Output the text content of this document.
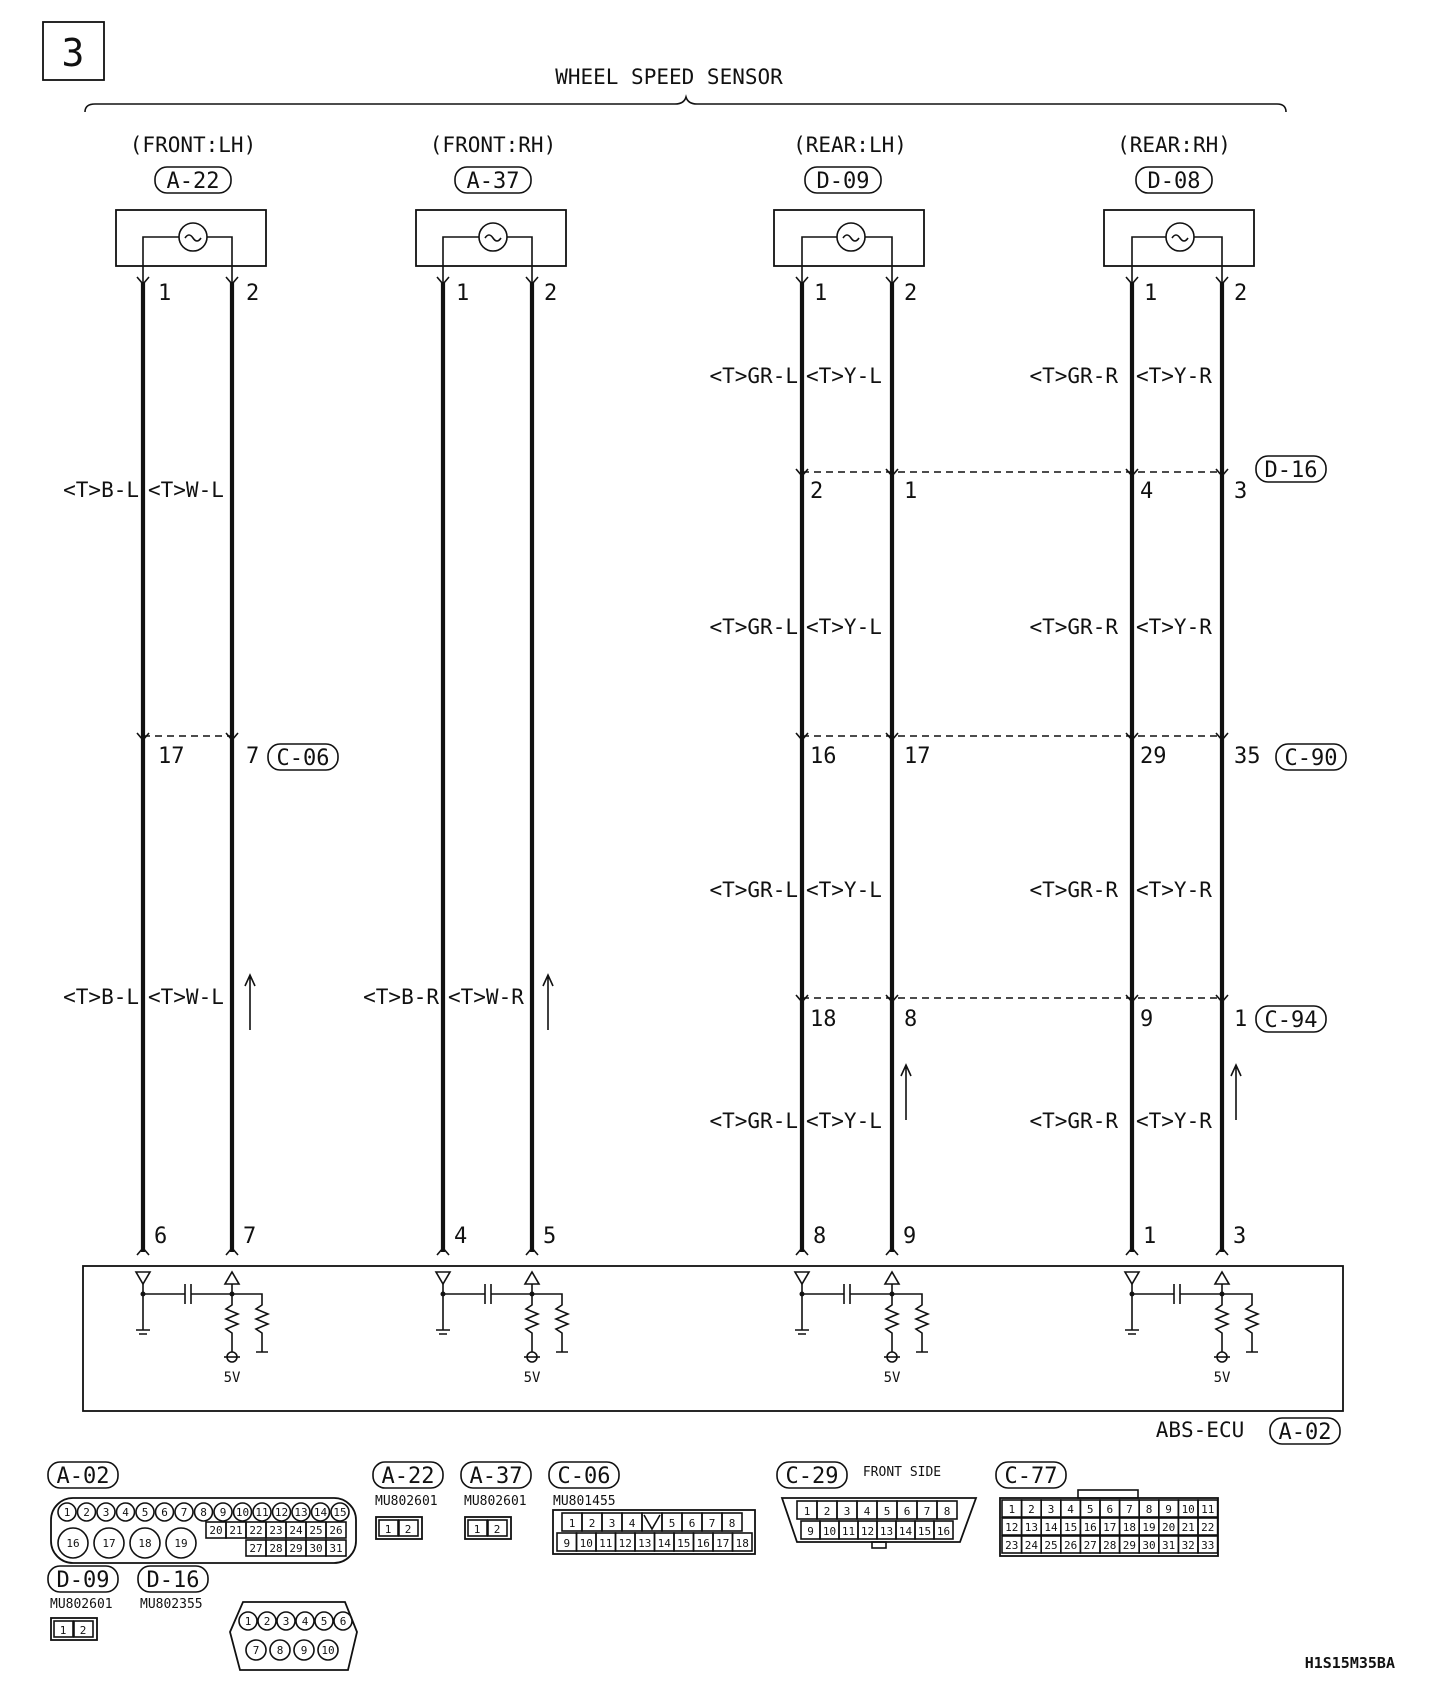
3
WHEEL SPEED SENSOR
(FRONT:LH)
A-22
1	2
(FRONT:RH)
A-37
1	2
(REAR:LH)
D-09
1	2
(REAR:RH)
D-08
1	2
<T>B-L <T>W-L
<T>B-L <T>W-L	<T>B-R <T>W-R
<T>GR-L <T>Y-L
<T>GR-L <T>Y-L
<T>GR-L <T>Y-L
<T>GR-L <T>Y-L
<T>GR-R <T>Y-R
<T>GR-R <T>Y-R
<T>GR-R <T>Y-R
<T>GR-R <T>Y-R
2	1	4	3
D-16
17	7 C-06	16	17	29	35 C-90
18	8	9	1 C-94
6	7	4	5	8	9	1	3
5V	5V	5V	5V
ABS-ECU A-02
A-02
1 2 3 4 5 6 7 8 9 10 11 12 13 14 15
16 17 18 19
20 21 22 23 24 25 26
27 28 29 30 31
A-22
MU802601
1 2
A-37
MU802601
1 2
C-06
MU801455
1 2 3 4	5 6 7 8
9 10 11 12 13 14 15 16 17 18
C-29 FRONT SIDE
1 2 3 4 5 6 7 8
9 10 11 12 13 14 15 16
C-77
1 2 3 4 5 6 7 8 9 10 11
12 13 14 15 16 17 18 19 20 21 22
23 24 25 26 27 28 29 30 31 32 33
D-09
MU802601
1 2
D-16
MU802355
1 2 3 4 5 6
7 8 9 10
H1S15M35BA
